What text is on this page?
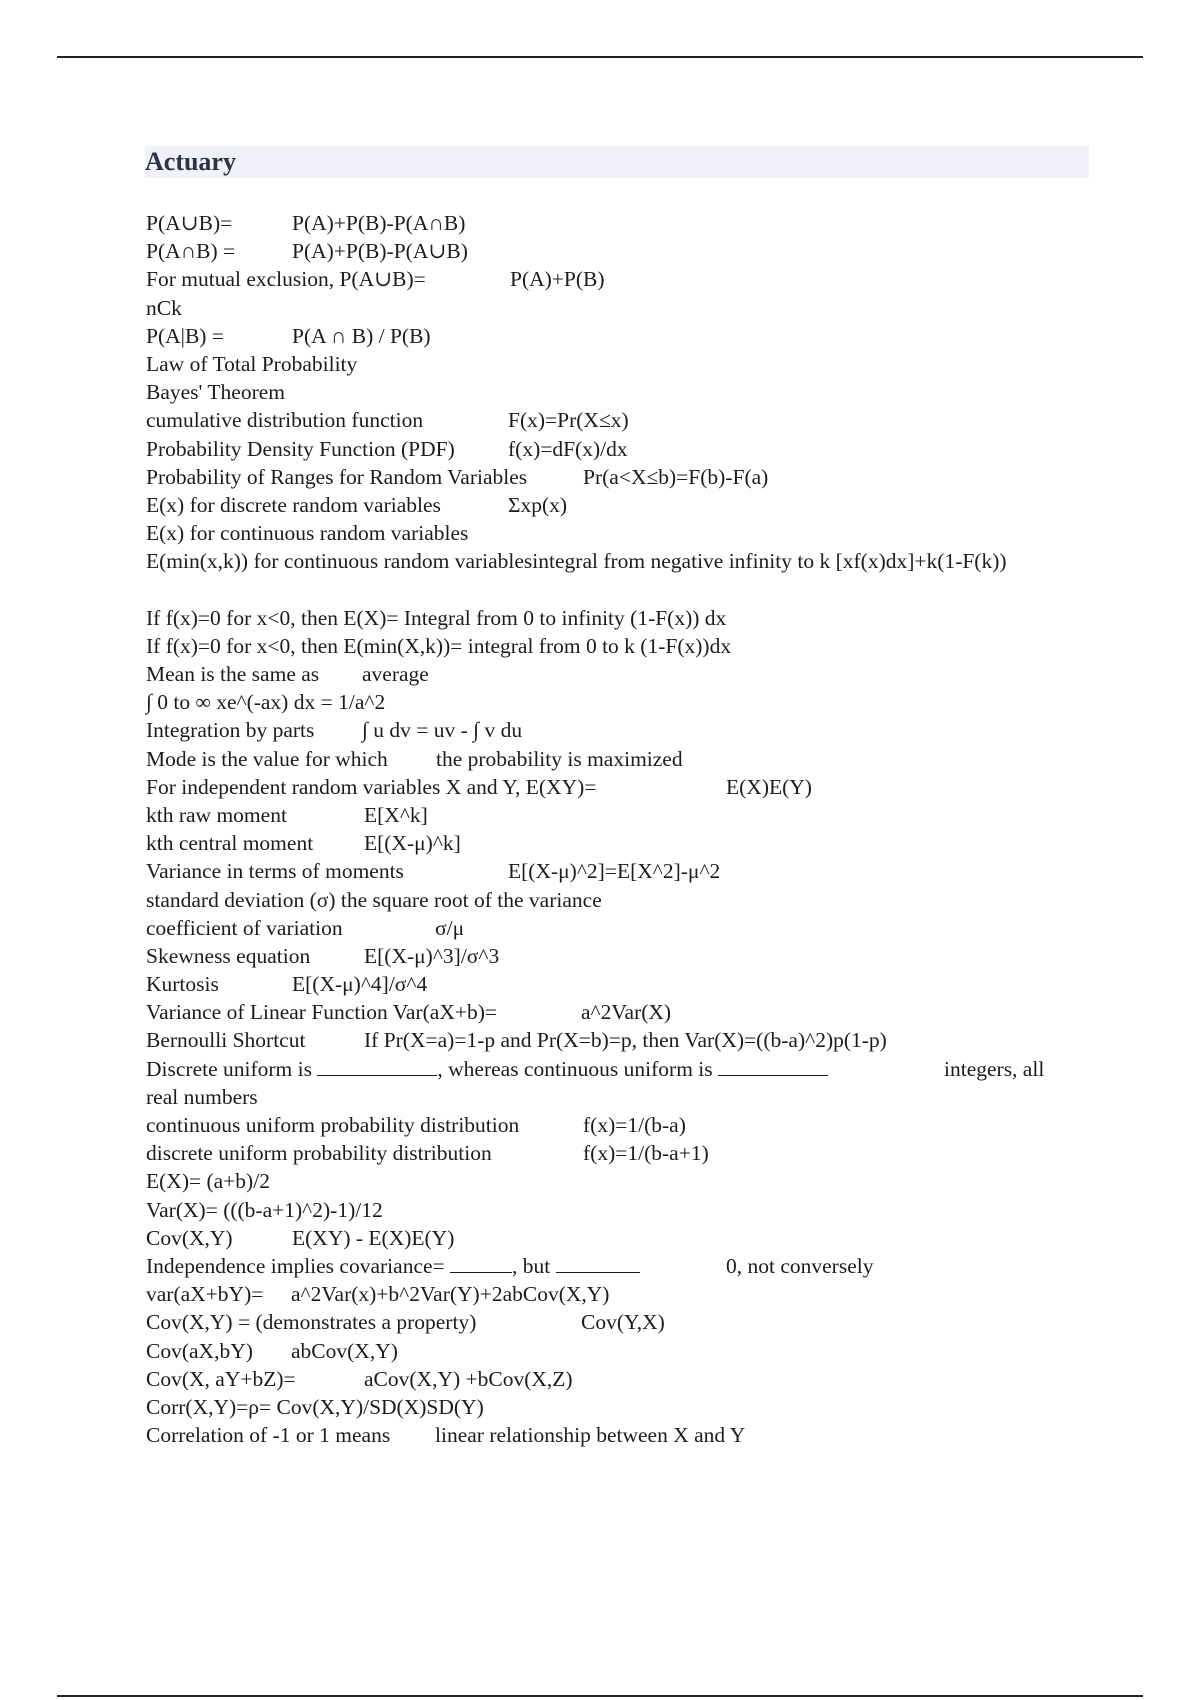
Actuary
P(A∪B)=	P(A)+P(B)-P(A∩B)
P(A∩B) =	P(A)+P(B)-P(A∪B)
For mutual exclusion, P(A∪B)=	P(A)+P(B)
nCk
P(A|B) =	P(A ∩ B) / P(B)
Law of Total Probability
Bayes' Theorem
cumulative distribution function	F(x)=Pr(X≤x)
Probability Density Function (PDF) f(x)=dF(x)/dx
Probability of Ranges for Random Variables	Pr(a<X≤b)=F(b)-F(a)
E(x) for discrete random variables	Σxp(x)
E(x) for continuous random variables
E(min(x,k)) for continuous random variablesintegral from negative infinity to k [xf(x)dx]+k(1-F(k))
If f(x)=0 for x<0, then E(X)= Integral from 0 to infinity (1-F(x)) dx
If f(x)=0 for x<0, then E(min(X,k))= integral from 0 to k (1-F(x))dx
Mean is the same as average
∫ 0 to ∞ xe^(-ax) dx = 1/a^2
Integration by parts ∫ u dv = uv - ∫ v du
Mode is the value for which the probability is maximized
For independent random variables X and Y, E(XY)=	E(X)E(Y)
kth raw moment	E[X^k]
kth central moment E[(X-μ)^k]
Variance in terms of moments	E[(X-μ)^2]=E[X^2]-μ^2
standard deviation (σ) the square root of the variance
coefficient of variation	σ/μ
Skewness equation	E[(X-μ)^3]/σ^3
Kurtosis	E[(X-μ)^4]/σ^4
Variance of Linear Function Var(aX+b)=	a^2Var(X)
Bernoulli Shortcut	If Pr(X=a)=1-p and Pr(X=b)=p, then Var(X)=((b-a)^2)p(1-p)
Discrete uniform is	, whereas continuous uniform is	integers, all real numbers
continuous uniform probability distribution	f(x)=1/(b-a)
discrete uniform probability distribution	f(x)=1/(b-a+1)
E(X)= (a+b)/2
Var(X)= (((b-a+1)^2)-1)/12
Cov(X,Y)	E(XY) - E(X)E(Y)
Independence implies covariance=	, but	0, not conversely
var(aX+bY)= a^2Var(x)+b^2Var(Y)+2abCov(X,Y)
Cov(X,Y) = (demonstrates a property)	Cov(Y,X)
Cov(aX,bY) abCov(X,Y)
Cov(X, aY+bZ)=	aCov(X,Y) +bCov(X,Z)
Corr(X,Y)=ρ= Cov(X,Y)/SD(X)SD(Y)
Correlation of -1 or 1 means linear relationship between X and Y
